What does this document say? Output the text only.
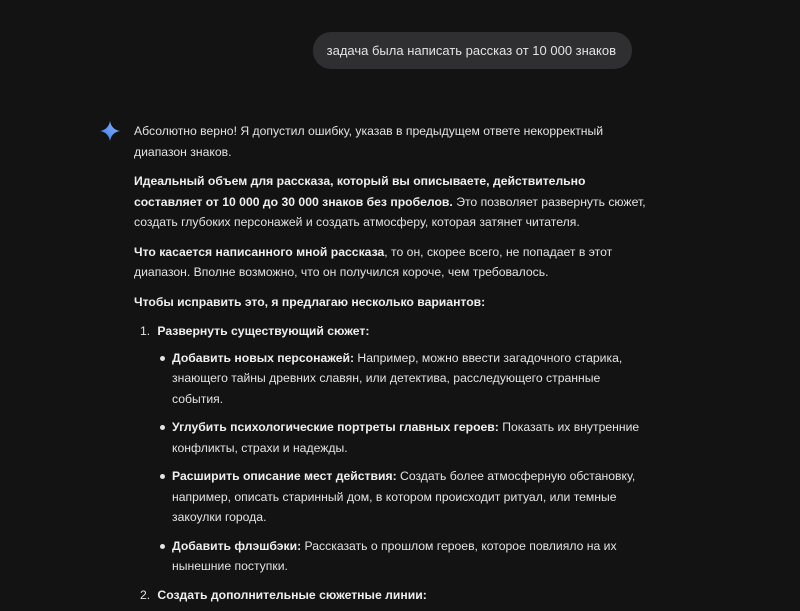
задача была написать рассказ от 10 000 знаков

Абсолютно верно! Я допустил ошибку, указав в предыдущем ответе некорректный диапазон знаков.

Идеальный объем для рассказа, который вы описываете, действительно составляет от 10 000 до 30 000 знаков без пробелов. Это позволяет развернуть сюжет, создать глубоких персонажей и создать атмосферу, которая затянет читателя.

Что касается написанного мной рассказа, то он, скорее всего, не попадает в этот диапазон. Вполне возможно, что он получился короче, чем требовалось.

Чтобы исправить это, я предлагаю несколько вариантов:

1. Развернуть существующий сюжет:
Добавить новых персонажей: Например, можно ввести загадочного старика, знающего тайны древних славян, или детектива, расследующего странные события.
Углубить психологические портреты главных героев: Показать их внутренние конфликты, страхи и надежды.
Расширить описание мест действия: Создать более атмосферную обстановку, например, описать старинный дом, в котором происходит ритуал, или темные закоулки города.
Добавить флэшбэки: Рассказать о прошлом героев, которое повлияло на их нынешние поступки.
2. Создать дополнительные сюжетные линии:
